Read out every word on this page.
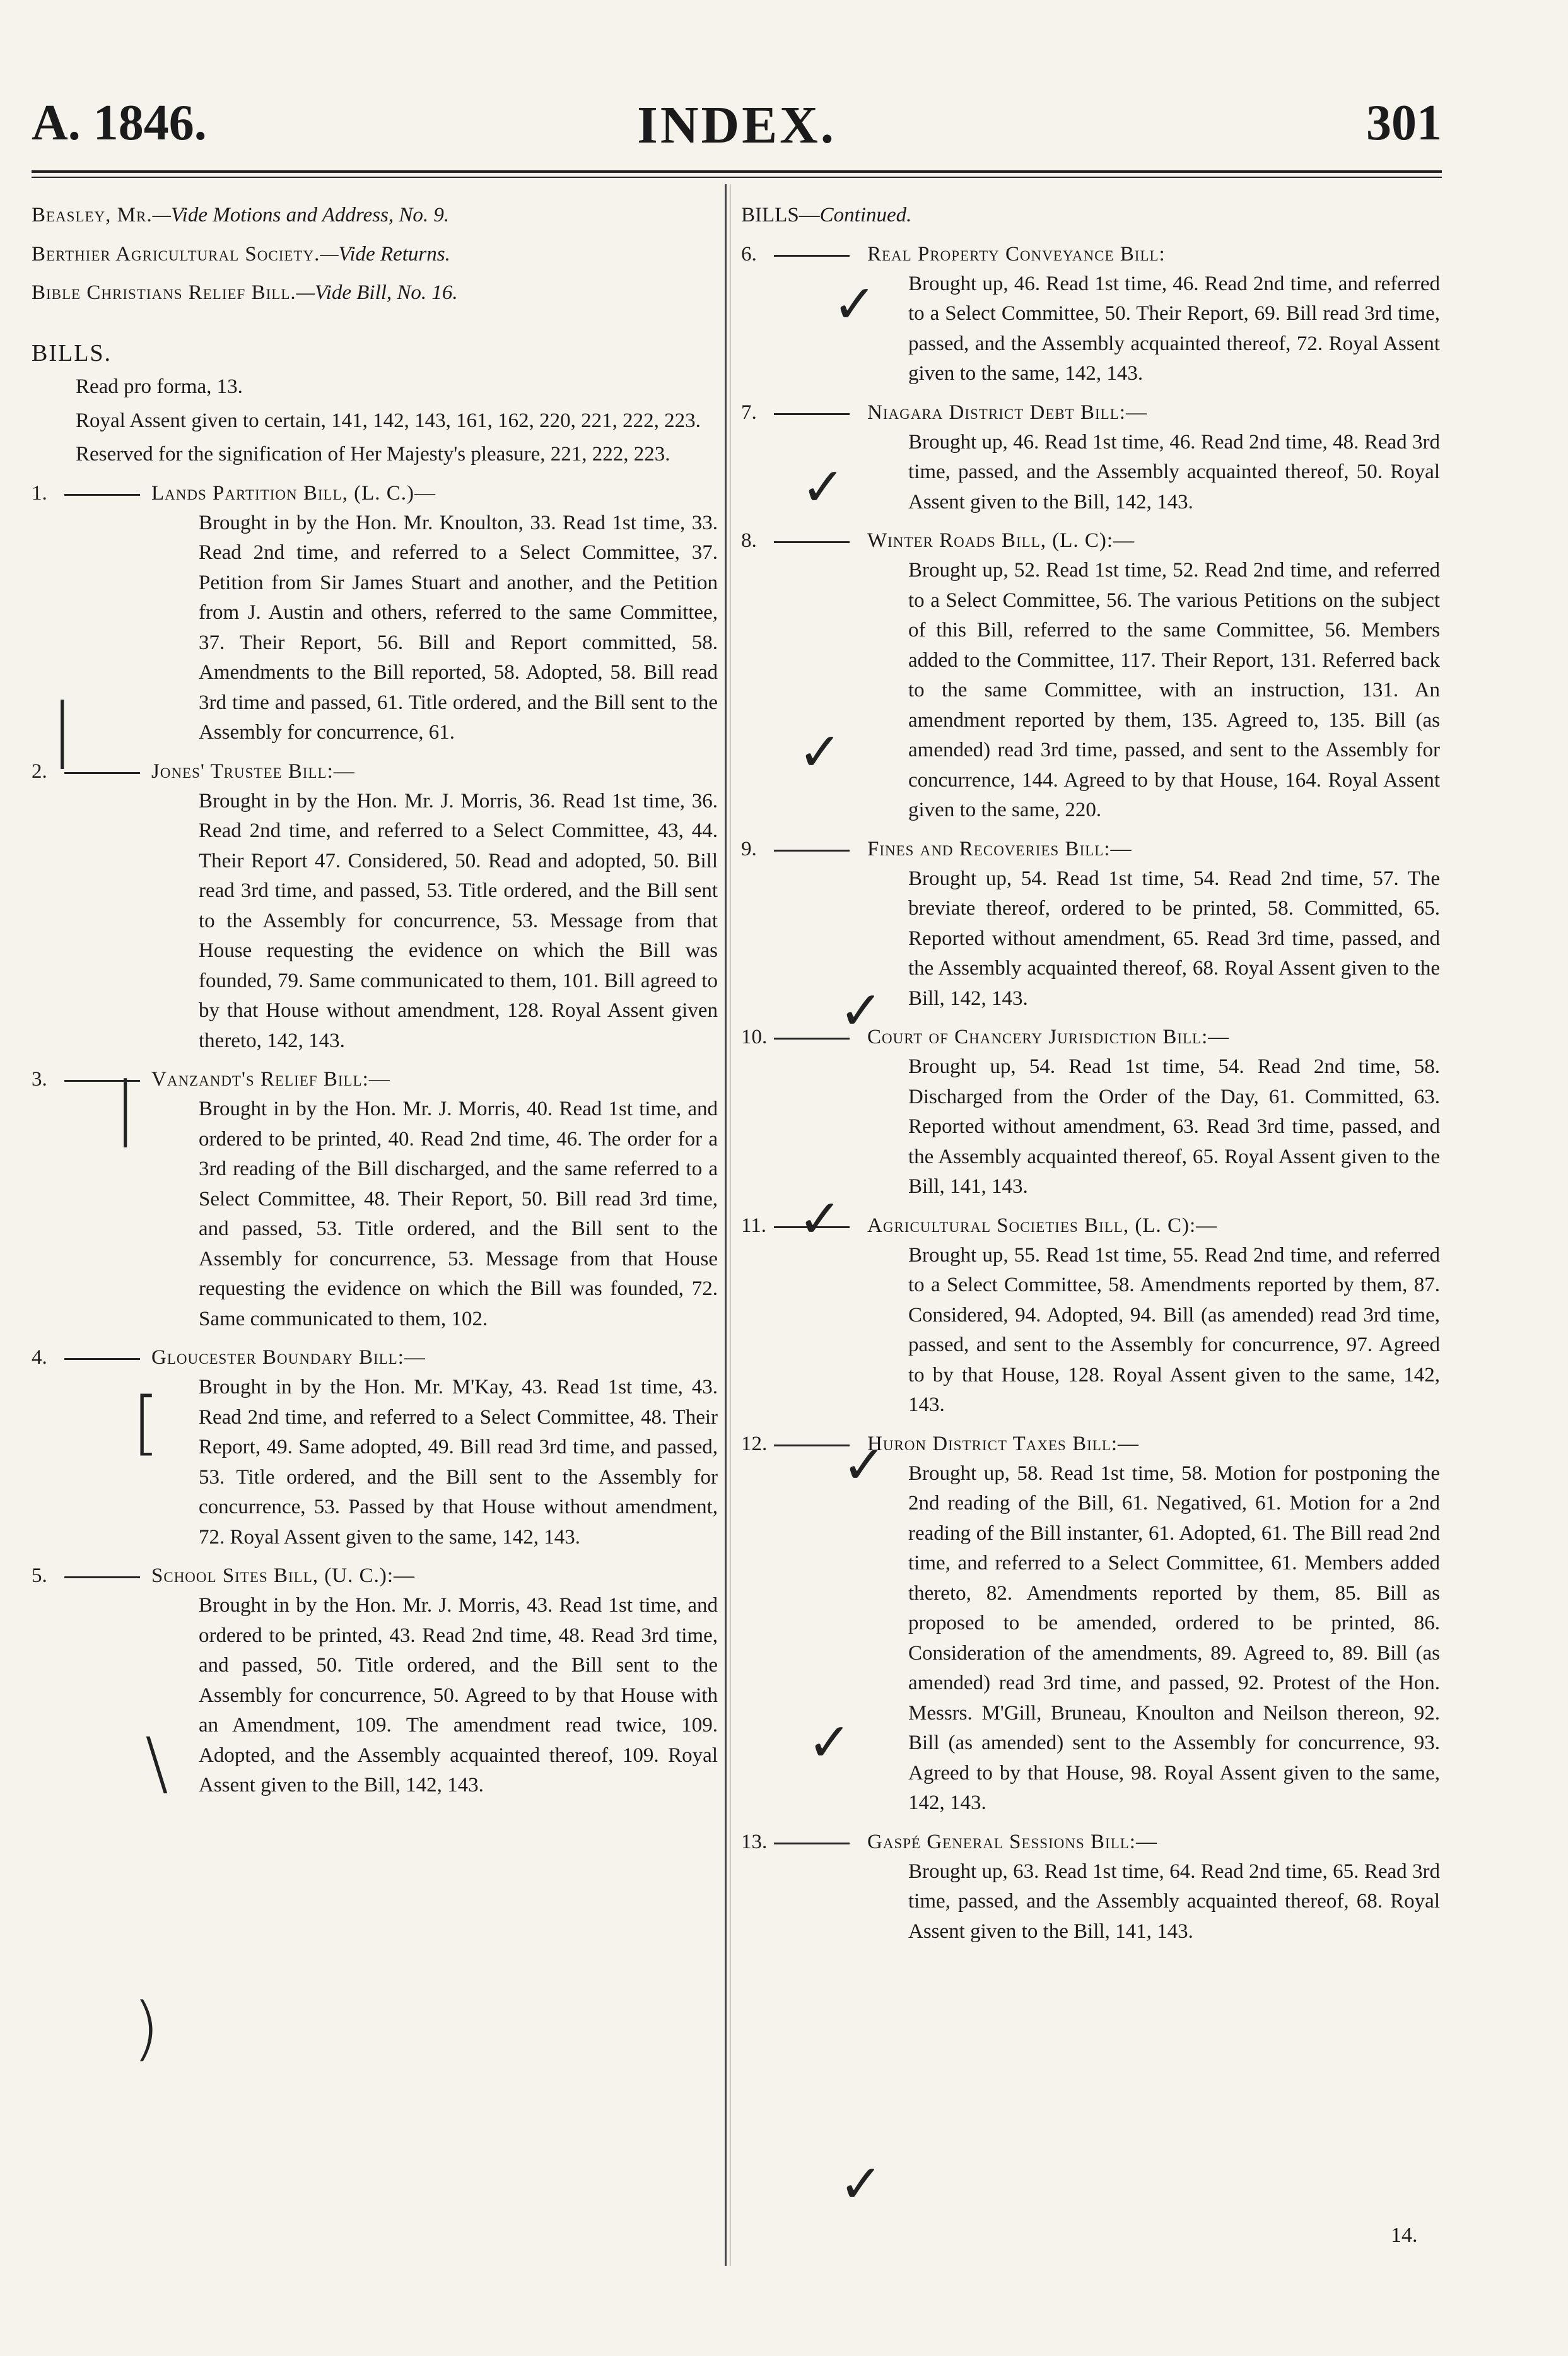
A. 1846.	INDEX.	301
Beasley, Mr.—Vide Motions and Address, No. 9.
Berthier Agricultural Society.—Vide Returns.
Bible Christians Relief Bill.—Vide Bill, No. 16.
BILLS.
Read pro forma, 13.
Royal Assent given to certain, 141, 142, 143, 161, 162, 220, 221, 222, 223.
Reserved for the signification of Her Majesty's pleasure, 221, 222, 223.
1.	Lands Partition Bill, (L. C.)—
Brought in by the Hon. Mr. Knoulton, 33. Read 1st time, 33. Read 2nd time, and referred to a Select Committee, 37. Petition from Sir James Stuart and another, and the Petition from J. Austin and others, referred to the same Committee, 37. Their Report, 56. Bill and Report committed, 58. Amendments to the Bill reported, 58. Adopted, 58. Bill read 3rd time and passed, 61. Title ordered, and the Bill sent to the Assembly for concurrence, 61.
2.	Jones' Trustee Bill:—
Brought in by the Hon. Mr. J. Morris, 36. Read 1st time, 36. Read 2nd time, and referred to a Select Committee, 43, 44. Their Report 47. Considered, 50. Read and adopted, 50. Bill read 3rd time, and passed, 53. Title ordered, and the Bill sent to the Assembly for concurrence, 53. Message from that House requesting the evidence on which the Bill was founded, 79. Same communicated to them, 101. Bill agreed to by that House without amendment, 128. Royal Assent given thereto, 142, 143.
3.	Vanzandt's Relief Bill:—
Brought in by the Hon. Mr. J. Morris, 40. Read 1st time, and ordered to be printed, 40. Read 2nd time, 46. The order for a 3rd reading of the Bill discharged, and the same referred to a Select Committee, 48. Their Report, 50. Bill read 3rd time, and passed, 53. Title ordered, and the Bill sent to the Assembly for concurrence, 53. Message from that House requesting the evidence on which the Bill was founded, 72. Same communicated to them, 102.
4.	Gloucester Boundary Bill:—
Brought in by the Hon. Mr. M'Kay, 43. Read 1st time, 43. Read 2nd time, and referred to a Select Committee, 48. Their Report, 49. Same adopted, 49. Bill read 3rd time, and passed, 53. Title ordered, and the Bill sent to the Assembly for concurrence, 53. Passed by that House without amendment, 72. Royal Assent given to the same, 142, 143.
5.	School Sites Bill, (U. C.):—
Brought in by the Hon. Mr. J. Morris, 43. Read 1st time, and ordered to be printed, 43. Read 2nd time, 48. Read 3rd time, and passed, 50. Title ordered, and the Bill sent to the Assembly for concurrence, 50. Agreed to by that House with an Amendment, 109. The amendment read twice, 109. Adopted, and the Assembly acquainted thereof, 109. Royal Assent given to the Bill, 142, 143.
BILLS—Continued.
6.	Real Property Conveyance Bill:
Brought up, 46. Read 1st time, 46. Read 2nd time, and referred to a Select Committee, 50. Their Report, 69. Bill read 3rd time, passed, and the Assembly acquainted thereof, 72. Royal Assent given to the same, 142, 143.
7.	Niagara District Debt Bill:—
Brought up, 46. Read 1st time, 46. Read 2nd time, 48. Read 3rd time, passed, and the Assembly acquainted thereof, 50. Royal Assent given to the Bill, 142, 143.
8.	Winter Roads Bill, (L. C):—
Brought up, 52. Read 1st time, 52. Read 2nd time, and referred to a Select Committee, 56. The various Petitions on the subject of this Bill, referred to the same Committee, 56. Members added to the Committee, 117. Their Report, 131. Referred back to the same Committee, with an instruction, 131. An amendment reported by them, 135. Agreed to, 135. Bill (as amended) read 3rd time, passed, and sent to the Assembly for concurrence, 144. Agreed to by that House, 164. Royal Assent given to the same, 220.
9.	Fines and Recoveries Bill:—
Brought up, 54. Read 1st time, 54. Read 2nd time, 57. The breviate thereof, ordered to be printed, 58. Committed, 65. Reported without amendment, 65. Read 3rd time, passed, and the Assembly acquainted thereof, 68. Royal Assent given to the Bill, 142, 143.
10.	Court of Chancery Jurisdiction Bill:—
Brought up, 54. Read 1st time, 54. Read 2nd time, 58. Discharged from the Order of the Day, 61. Committed, 63. Reported without amendment, 63. Read 3rd time, passed, and the Assembly acquainted thereof, 65. Royal Assent given to the Bill, 141, 143.
11.	Agricultural Societies Bill, (L. C):—
Brought up, 55. Read 1st time, 55. Read 2nd time, and referred to a Select Committee, 58. Amendments reported by them, 87. Considered, 94. Adopted, 94. Bill (as amended) read 3rd time, passed, and sent to the Assembly for concurrence, 97. Agreed to by that House, 128. Royal Assent given to the same, 142, 143.
12.	Huron District Taxes Bill:—
Brought up, 58. Read 1st time, 58. Motion for postponing the 2nd reading of the Bill, 61. Negatived, 61. Motion for a 2nd reading of the Bill instanter, 61. Adopted, 61. The Bill read 2nd time, and referred to a Select Committee, 61. Members added thereto, 82. Amendments reported by them, 85. Bill as proposed to be amended, ordered to be printed, 86. Consideration of the amendments, 89. Agreed to, 89. Bill (as amended) read 3rd time, and passed, 92. Protest of the Hon. Messrs. M'Gill, Bruneau, Knoulton and Neilson thereon, 92. Bill (as amended) sent to the Assembly for concurrence, 93. Agreed to by that House, 98. Royal Assent given to the same, 142, 143.
13.	Gaspé General Sessions Bill:—
Brought up, 63. Read 1st time, 64. Read 2nd time, 65. Read 3rd time, passed, and the Assembly acquainted thereof, 68. Royal Assent given to the Bill, 141, 143.
|
|
[
\
)
✓
✓
✓
✓
✓
✓
✓
✓
14.
